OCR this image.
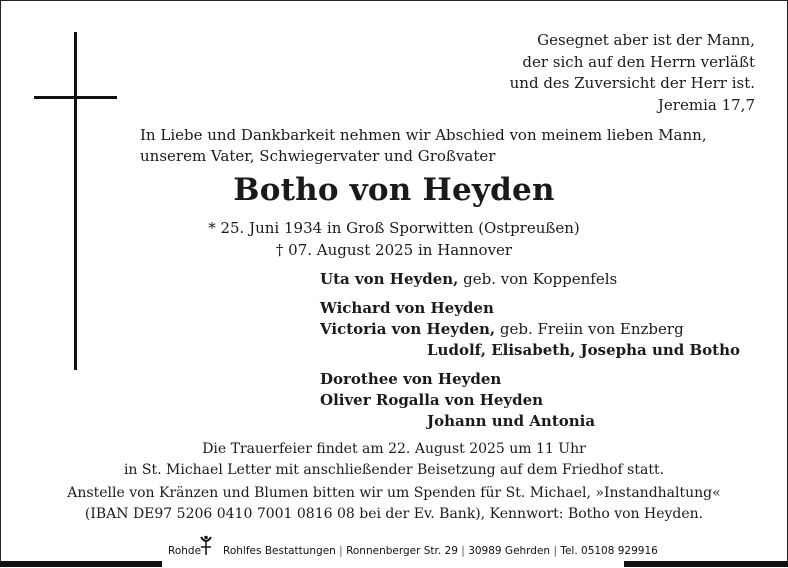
Gesegnet aber ist der Mann,
der sich auf den Herrn verläßt
und des Zuversicht der Herr ist.
Jeremia 17,7
In Liebe und Dankbarkeit nehmen wir Abschied von meinem lieben Mann,
unserem Vater, Schwiegervater und Großvater
Botho von Heyden
* 25. Juni 1934 in Groß Sporwitten (Ostpreußen)
† 07. August 2025 in Hannover
Uta von Heyden, geb. von Koppenfels
Wichard von Heyden
Victoria von Heyden, geb. Freiin von Enzberg
Ludolf, Elisabeth, Josepha und Botho
Dorothee von Heyden
Oliver Rogalla von Heyden
Johann und Antonia
Die Trauerfeier findet am 22. August 2025 um 11 Uhr
in St. Michael Letter mit anschließender Beisetzung auf dem Friedhof statt.
Anstelle von Kränzen und Blumen bitten wir um Spenden für St. Michael, »Instandhaltung«
(IBAN DE97 5206 0410 7001 0816 08 bei der Ev. Bank), Kennwort: Botho von Heyden.
Rohde Rohlfes Bestattungen | Ronnenberger Str. 29 | 30989 Gehrden | Tel. 05108 929916
